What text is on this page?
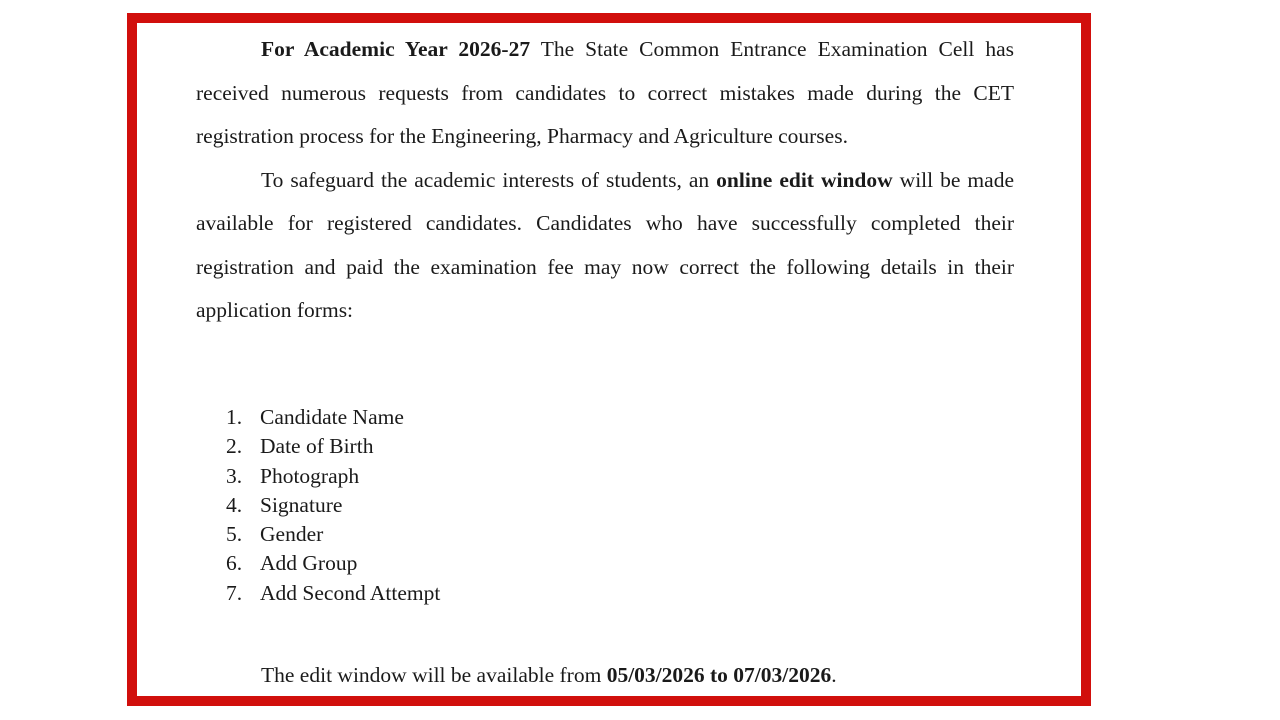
For Academic Year 2026-27 The State Common Entrance Examination Cell has received numerous requests from candidates to correct mistakes made during the CET registration process for the Engineering, Pharmacy and Agriculture courses.

To safeguard the academic interests of students, an online edit window will be made available for registered candidates. Candidates who have successfully completed their registration and paid the examination fee may now correct the following details in their application forms:

1. Candidate Name
2. Date of Birth
3. Photograph
4. Signature
5. Gender
6. Add Group
7. Add Second Attempt
The edit window will be available from 05/03/2026 to 07/03/2026.
